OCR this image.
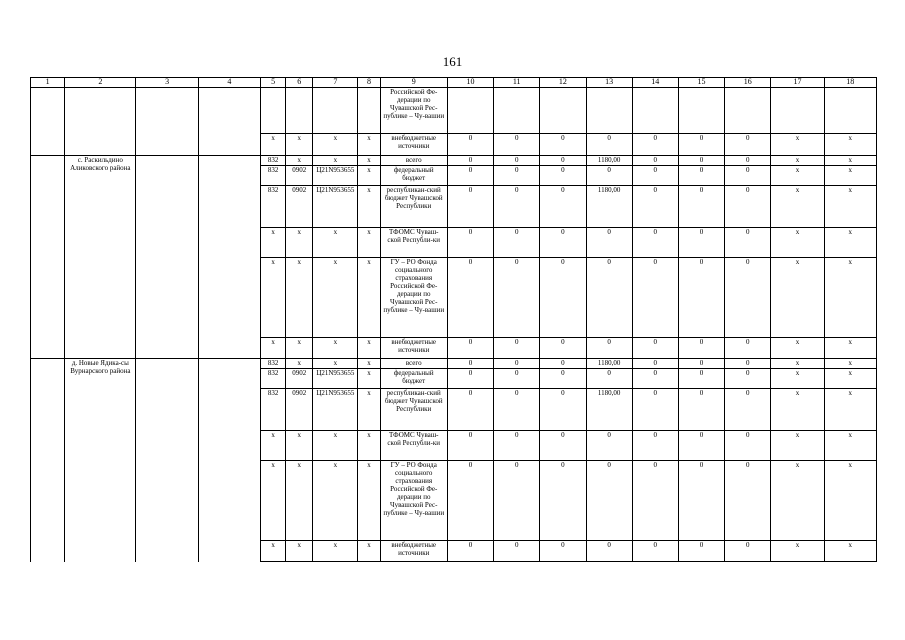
161
1	2	3	4	5	6	7	8	9	10	11	12	13	14	15	16	17	18
								Российской Фе-дерации по Чувашской Рес-публике – Чу-вашии									
				x	x	x	x	внебюджетные источники	0	0	0	0	0	0	0	x	x
	с. Раскильдино Аликовского района			832	x	x	x	всего	0	0	0	1180,00	0	0	0	x	x
				832	0902	Ц21N953655	x	федеральный бюджет	0	0	0	0	0	0	0	x	x
				832	0902	Ц21N953655	x	республикан-ский бюджет Чувашской Республики	0	0	0	1180,00	0	0	0	x	x
				x	x	x	x	ТФОМС Чуваш-ской Республи-ки	0	0	0	0	0	0	0	x	x
				x	x	x	x	ГУ – РО Фонда социального страхования Российской Фе-дерации по Чувашской Рес-публике – Чу-вашии	0	0	0	0	0	0	0	x	x
				x	x	x	x	внебюджетные источники	0	0	0	0	0	0	0	x	x
	д. Новые Ядика-сы Вурнарского района			832	x	x	x	всего	0	0	0	1180,00	0	0	0	x	x
				832	0902	Ц21N953655	x	федеральный бюджет	0	0	0	0	0	0	0	x	x
				832	0902	Ц21N953655	x	республикан-ский бюджет Чувашской Республики	0	0	0	1180,00	0	0	0	x	x
				x	x	x	x	ТФОМС Чуваш-ской Республи-ки	0	0	0	0	0	0	0	x	x
				x	x	x	x	ГУ – РО Фонда социального страхования Российской Фе-дерации по Чувашской Рес-публике – Чу-вашии	0	0	0	0	0	0	0	x	x
				x	x	x	x	внебюджетные источники	0	0	0	0	0	0	0	x	x
